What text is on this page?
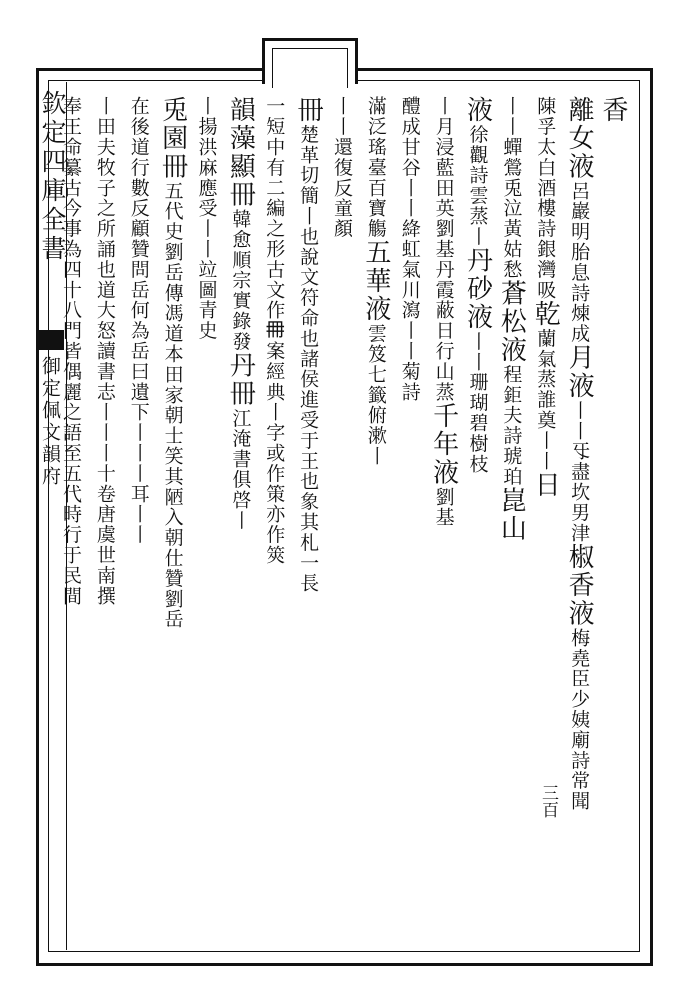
欽定四庫全書
御定佩文韻府
三百
香
離女液呂巖明胎息詩煉成月液丨丨㸦盡坎男津椒香液梅堯臣少姨廟詩常聞
陳孚太白酒樓詩銀灣吸乾蘭氣蒸誰奠丨丨日
丨丨蟬鶯兎泣黃姑愁蒼松液程鉅夫詩琥珀崑山
液徐觀詩雲蒸丨丹砂液丨丨珊瑚碧樹枝
丨月浸藍田英劉基丹霞蔽日行山蒸千年液劉基
醴成甘谷丨丨絳虹氣川瀉丨丨菊詩
滿泛瑤臺百寶觴五華液雲笈七籤俯漱丨
丨丨還復反童顏
冊楚革切簡丨也說文符命也諸侯進受于王也象其札一長
一短中有二編之形古文作𠕋案經典丨字或作策亦作筴
韻藻顯冊韓愈順宗實錄發丹冊江淹書俱啓丨
丨揚洪麻應受丨丨竝圖青史
兎園冊五代史劉岳傳馮道本田家朝士笑其陋入朝仕贊劉岳
在後道行數反顧贊問岳何為岳曰遺下丨丨丨耳丨丨
丨田夫牧子之所誦也道大怒讀書志丨丨丨十卷唐虞世南撰
奉王命纂古今事為四十八門皆偶麗之語至五代時行于民間
